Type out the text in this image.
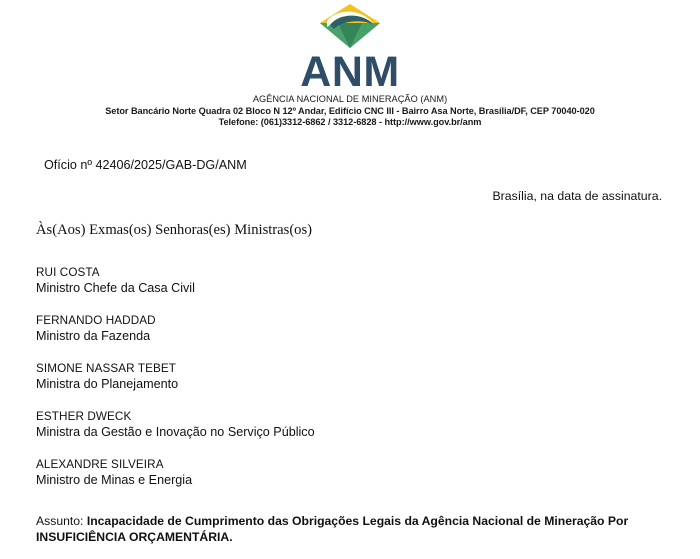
ANM
AGÊNCIA NACIONAL DE MINERAÇÃO (ANM)
Setor Bancário Norte Quadra 02 Bloco N 12º Andar, Edifício CNC III - Bairro Asa Norte, Brasília/DF, CEP 70040-020
Telefone: (061)3312-6862 / 3312-6828 - http://www.gov.br/anm
Ofício nº 42406/2025/GAB-DG/ANM
Brasília, na data de assinatura.
Às(Aos) Exmas(os) Senhoras(es) Ministras(os)
RUI COSTA
Ministro Chefe da Casa Civil
FERNANDO HADDAD
Ministro da Fazenda
SIMONE NASSAR TEBET
Ministra do Planejamento
ESTHER DWECK
Ministra da Gestão e Inovação no Serviço Público
ALEXANDRE SILVEIRA
Ministro de Minas e Energia
Assunto: Incapacidade de Cumprimento das Obrigações Legais da Agência Nacional de Mineração Por INSUFICIÊNCIA ORÇAMENTÁRIA.
